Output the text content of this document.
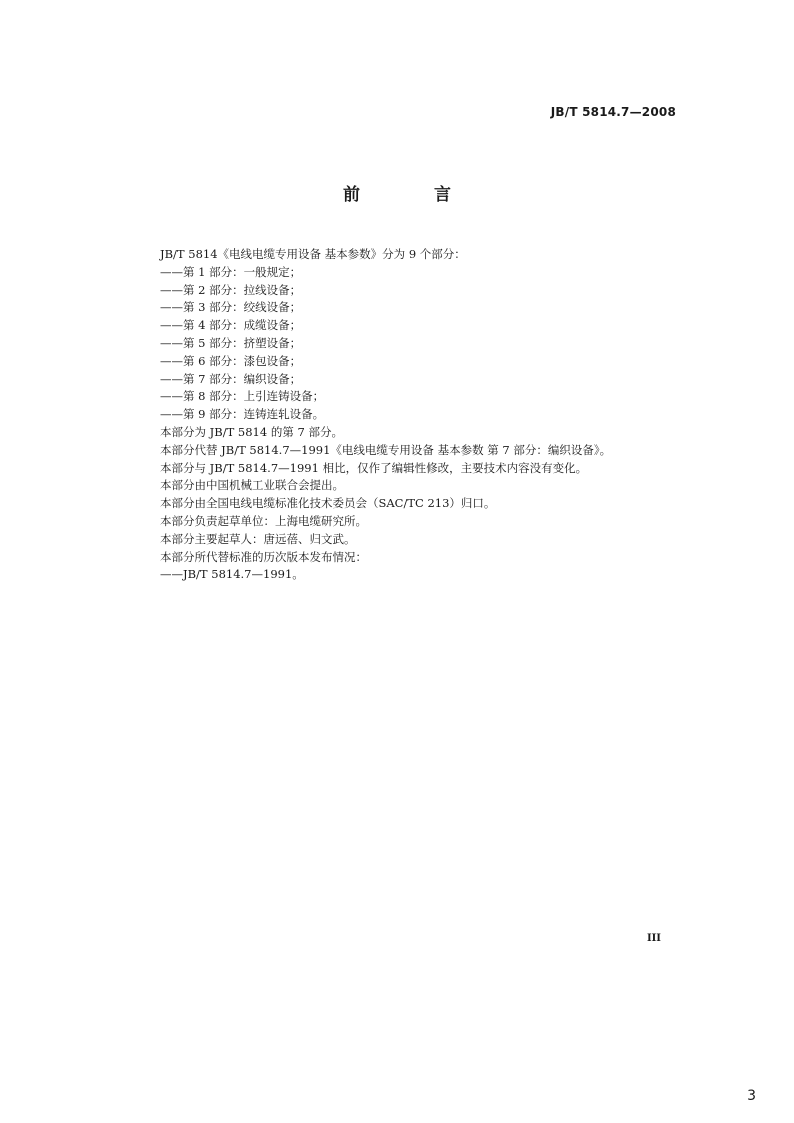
JB/T 5814.7—2008
前 言
JB/T 5814《电线电缆专用设备 基本参数》分为 9 个部分：
——第 1 部分：一般规定；
——第 2 部分：拉线设备；
——第 3 部分：绞线设备；
——第 4 部分：成缆设备；
——第 5 部分：挤塑设备；
——第 6 部分：漆包设备；
——第 7 部分：编织设备；
——第 8 部分：上引连铸设备；
——第 9 部分：连铸连轧设备。
本部分为 JB/T 5814 的第 7 部分。
本部分代替 JB/T 5814.7—1991《电线电缆专用设备 基本参数 第 7 部分：编织设备》。
本部分与 JB/T 5814.7—1991 相比，仅作了编辑性修改，主要技术内容没有变化。
本部分由中国机械工业联合会提出。
本部分由全国电线电缆标准化技术委员会（SAC/TC 213）归口。
本部分负责起草单位：上海电缆研究所。
本部分主要起草人：唐远蓓、归文武。
本部分所代替标准的历次版本发布情况：
——JB/T 5814.7—1991。
III
3
